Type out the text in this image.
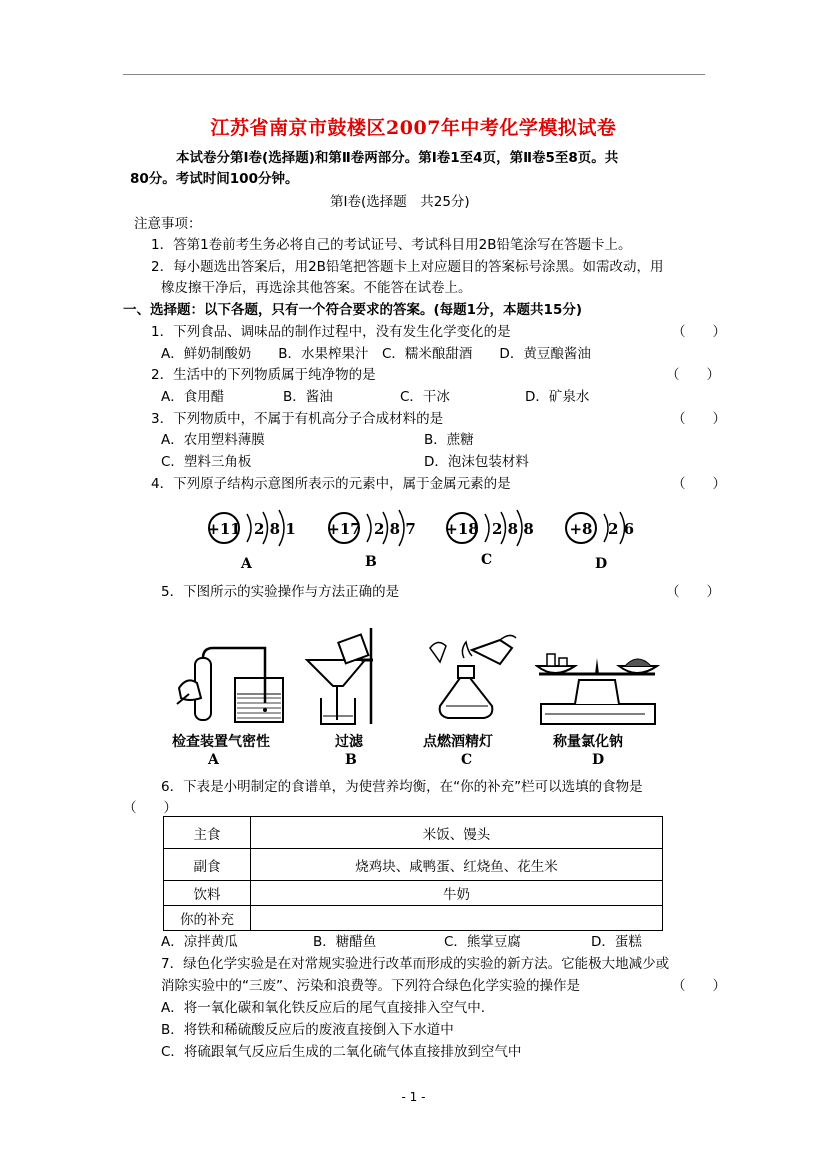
江苏省南京市鼓楼区2007年中考化学模拟试卷
本试卷分第Ⅰ卷(选择题)和第Ⅱ卷两部分。第Ⅰ卷1至4页，第Ⅱ卷5至8页。共
80分。考试时间100分钟。
第Ⅰ卷(选择题　共25分)
注意事项：
1．答第1卷前考生务必将自己的考试证号、考试科目用2B铅笔涂写在答题卡上。
2．每小题选出答案后，用2B铅笔把答题卡上对应题目的答案标号涂黑。如需改动，用
橡皮擦干净后，再选涂其他答案。不能答在试卷上。
一、选择题：以下各题，只有一个符合要求的答案。(每题1分，本题共15分)
1．下列食品、调味品的制作过程中，没有发生化学变化的是	（　　）
A．鲜奶制酸奶　　B．水果榨果汁　C．糯米酿甜酒　　D．黄豆酿酱油
2．生活中的下列物质属于纯净物的是	（　　）
A．食用醋	B．酱油	C．干冰	D．矿泉水
3．下列物质中，不属于有机高分子合成材料的是	（　　）
A．农用塑料薄膜	B．蔗糖
C．塑料三角板	D．泡沫包装材料
4．下列原子结构示意图所表示的元素中，属于金属元素的是	（　　）
+11 2 8 1
A
+17 2 8 7
B
+18 2 8 8
C
+8 2 6
D
5．下图所示的实验操作与方法正确的是	（　　）
检查装置气密性
A
过滤
B
点燃酒精灯
C
称量氯化钠
D
6．下表是小明制定的食谱单，为使营养均衡，在“你的补充”栏可以选填的食物是
（　　）
主食	米饭、馒头
副食	烧鸡块、咸鸭蛋、红烧鱼、花生米
饮料	牛奶
你的补充	
A．凉拌黄瓜	B．糖醋鱼	C．熊掌豆腐	D．蛋糕
7．绿色化学实验是在对常规实验进行改革而形成的实验的新方法。它能极大地减少或
消除实验中的“三废”、污染和浪费等。下列符合绿色化学实验的操作是	（　　）
A．将一氧化碳和氧化铁反应后的尾气直接排入空气中.
B．将铁和稀硫酸反应后的废液直接倒入下水道中
C．将硫跟氧气反应后生成的二氧化硫气体直接排放到空气中
- 1 -
